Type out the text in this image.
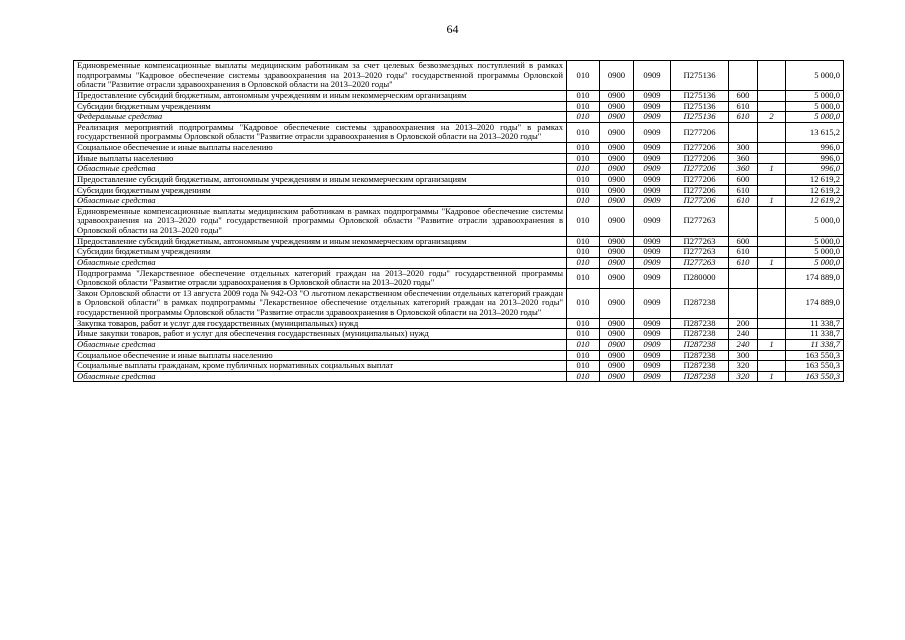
64
Единовременные компенсационные выплаты медицинским работникам за счет целевых безвозмездных поступлений в рамках подпрограммы "Кадровое обеспечение системы здравоохранения на 2013–2020 годы" государственной программы Орловской области "Развитие отрасли здравоохранения в Орловской области на 2013–2020 годы"	010	0900	0909	П275136			5 000,0
Предоставление субсидий бюджетным, автономным учреждениям и иным некоммерческим организациям	010	0900	0909	П275136	600		5 000,0
Субсидии бюджетным учреждениям	010	0900	0909	П275136	610		5 000,0
Федеральные средства	010	0900	0909	П275136	610	2	5 000,0
Реализация мероприятий подпрограммы "Кадровое обеспечение системы здравоохранения на 2013–2020 годы" в рамках государственной программы Орловской области "Развитие отрасли здравоохранения в Орловской области на 2013–2020 годы"	010	0900	0909	П277206			13 615,2
Социальное обеспечение и иные выплаты населению	010	0900	0909	П277206	300		996,0
Иные выплаты населению	010	0900	0909	П277206	360		996,0
Областные средства	010	0900	0909	П277206	360	1	996,0
Предоставление субсидий бюджетным, автономным учреждениям и иным некоммерческим организациям	010	0900	0909	П277206	600		12 619,2
Субсидии бюджетным учреждениям	010	0900	0909	П277206	610		12 619,2
Областные средства	010	0900	0909	П277206	610	1	12 619,2
Единовременные компенсационные выплаты медицинским работникам в рамках подпрограммы "Кадровое обеспечение системы здравоохранения на 2013–2020 годы" государственной программы Орловской области "Развитие отрасли здравоохранения в Орловской области на 2013–2020 годы"	010	0900	0909	П277263			5 000,0
Предоставление субсидий бюджетным, автономным учреждениям и иным некоммерческим организациям	010	0900	0909	П277263	600		5 000,0
Субсидии бюджетным учреждениям	010	0900	0909	П277263	610		5 000,0
Областные средства	010	0900	0909	П277263	610	1	5 000,0
Подпрограмма "Лекарственное обеспечение отдельных категорий граждан на 2013–2020 годы" государственной программы Орловской области "Развитие отрасли здравоохранения в Орловской области на 2013–2020 годы"	010	0900	0909	П280000			174 889,0
Закон Орловской области от 13 августа 2009 года № 942-ОЗ "О льготном лекарственном обеспечении отдельных категорий граждан в Орловской области" в рамках подпрограммы "Лекарственное обеспечение отдельных категорий граждан на 2013–2020 годы" государственной программы Орловской области "Развитие отрасли здравоохранения в Орловской области на 2013–2020 годы"	010	0900	0909	П287238			174 889,0
Закупка товаров, работ и услуг для государственных (муниципальных) нужд	010	0900	0909	П287238	200		11 338,7
Иные закупки товаров, работ и услуг для обеспечения государственных (муниципальных) нужд	010	0900	0909	П287238	240		11 338,7
Областные средства	010	0900	0909	П287238	240	1	11 338,7
Социальное обеспечение и иные выплаты населению	010	0900	0909	П287238	300		163 550,3
Социальные выплаты гражданам, кроме публичных нормативных социальных выплат	010	0900	0909	П287238	320		163 550,3
Областные средства	010	0900	0909	П287238	320	1	163 550,3
